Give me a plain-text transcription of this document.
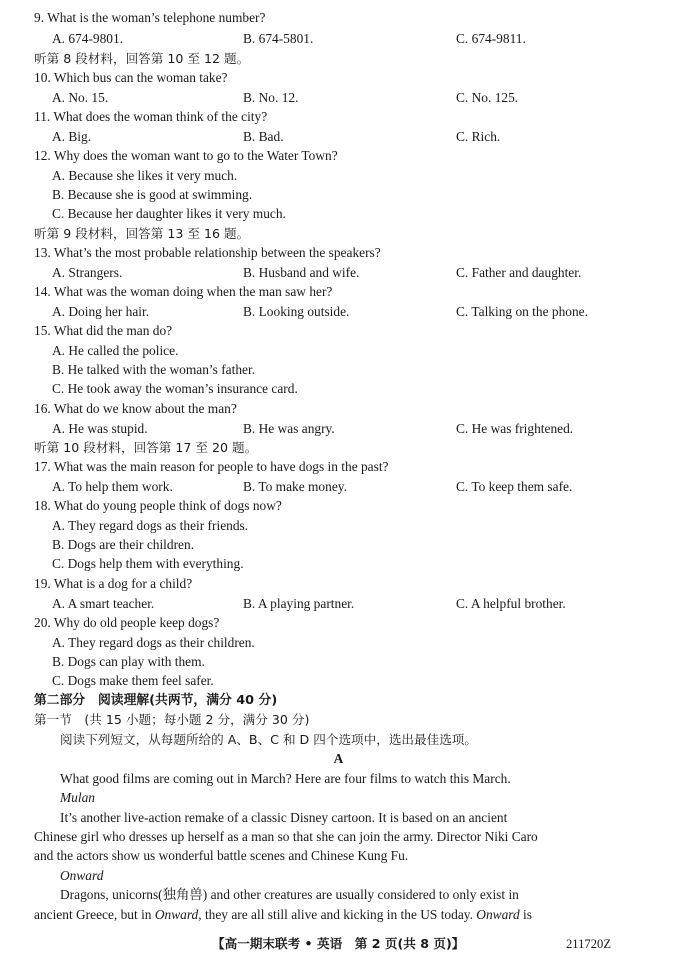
9. What is the woman’s telephone number?
A. 674-9801.	B. 674-5801.	C. 674-9811.
听第 8 段材料，回答第 10 至 12 题。
10. Which bus can the woman take?
A. No. 15.	B. No. 12.	C. No. 125.
11. What does the woman think of the city?
A. Big.	B. Bad.	C. Rich.
12. Why does the woman want to go to the Water Town?
A. Because she likes it very much.
B. Because she is good at swimming.
C. Because her daughter likes it very much.
听第 9 段材料，回答第 13 至 16 题。
13. What’s the most probable relationship between the speakers?
A. Strangers.	B. Husband and wife.	C. Father and daughter.
14. What was the woman doing when the man saw her?
A. Doing her hair.	B. Looking outside.	C. Talking on the phone.
15. What did the man do?
A. He called the police.
B. He talked with the woman’s father.
C. He took away the woman’s insurance card.
16. What do we know about the man?
A. He was stupid.	B. He was angry.	C. He was frightened.
听第 10 段材料，回答第 17 至 20 题。
17. What was the main reason for people to have dogs in the past?
A. To help them work.	B. To make money.	C. To keep them safe.
18. What do young people think of dogs now?
A. They regard dogs as their friends.
B. Dogs are their children.
C. Dogs help them with everything.
19. What is a dog for a child?
A. A smart teacher.	B. A playing partner.	C. A helpful brother.
20. Why do old people keep dogs?
A. They regard dogs as their children.
B. Dogs can play with them.
C. Dogs make them feel safer.
第二部分　阅读理解(共两节，满分 40 分)
第一节　(共 15 小题；每小题 2 分，满分 30 分)
阅读下列短文，从每题所给的 A、B、C 和 D 四个选项中，选出最佳选项。
A
What good films are coming out in March? Here are four films to watch this March.
Mulan
It’s another live-action remake of a classic Disney cartoon. It is based on an ancient
Chinese girl who dresses up herself as a man so that she can join the army. Director Niki Caro
and the actors show us wonderful battle scenes and Chinese Kung Fu.
Onward
Dragons, unicorns(独角兽) and other creatures are usually considered to only exist in
ancient Greece, but in Onward, they are all still alive and kicking in the US today. Onward is
【高一期末联考 • 英语　第 2 页(共 8 页)】	211720Z
